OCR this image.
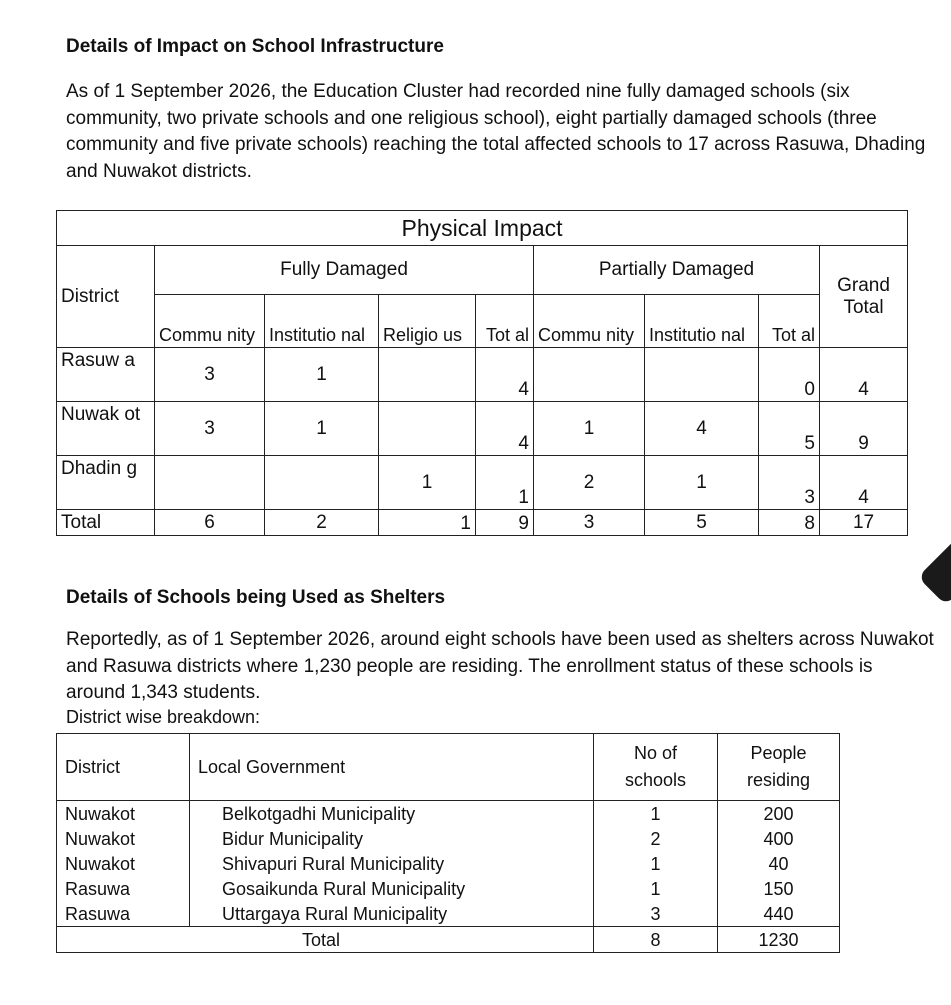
Details of Impact on School Infrastructure

As of 1 September 2026, the Education Cluster had recorded nine fully damaged schools (six community, two private schools and one religious school), eight partially damaged schools (three community and five private schools) reaching the total affected schools to 17 across Rasuwa, Dhading and Nuwakot districts.

Physical Impact								
District	Fully Damaged				Partially Damaged			Grand Total
	Commu nity	Institutio nal	Religio us	Tot al	Commu nity	Institutio nal	Tot al	
Rasuw a	3	1		4			0	4
Nuwak ot	3	1		4	1	4	5	9
Dhadin g			1	1	2	1	3	4
Total	6	2	1	9	3	5	8	17
Details of Schools being Used as Shelters

Reportedly, as of 1 September 2026, around eight schools have been used as shelters across Nuwakot and Rasuwa districts where 1,230 people are residing. The enrollment status of these schools is around 1,343 students.

District wise breakdown:

District	Local Government	No of schools	People residing
Nuwakot	Belkotgadhi Municipality	1	200
Nuwakot	Bidur Municipality	2	400
Nuwakot	Shivapuri Rural Municipality	1	40
Rasuwa	Gosaikunda Rural Municipality	1	150
Rasuwa	Uttargaya Rural Municipality	3	440
Total		8	1230
